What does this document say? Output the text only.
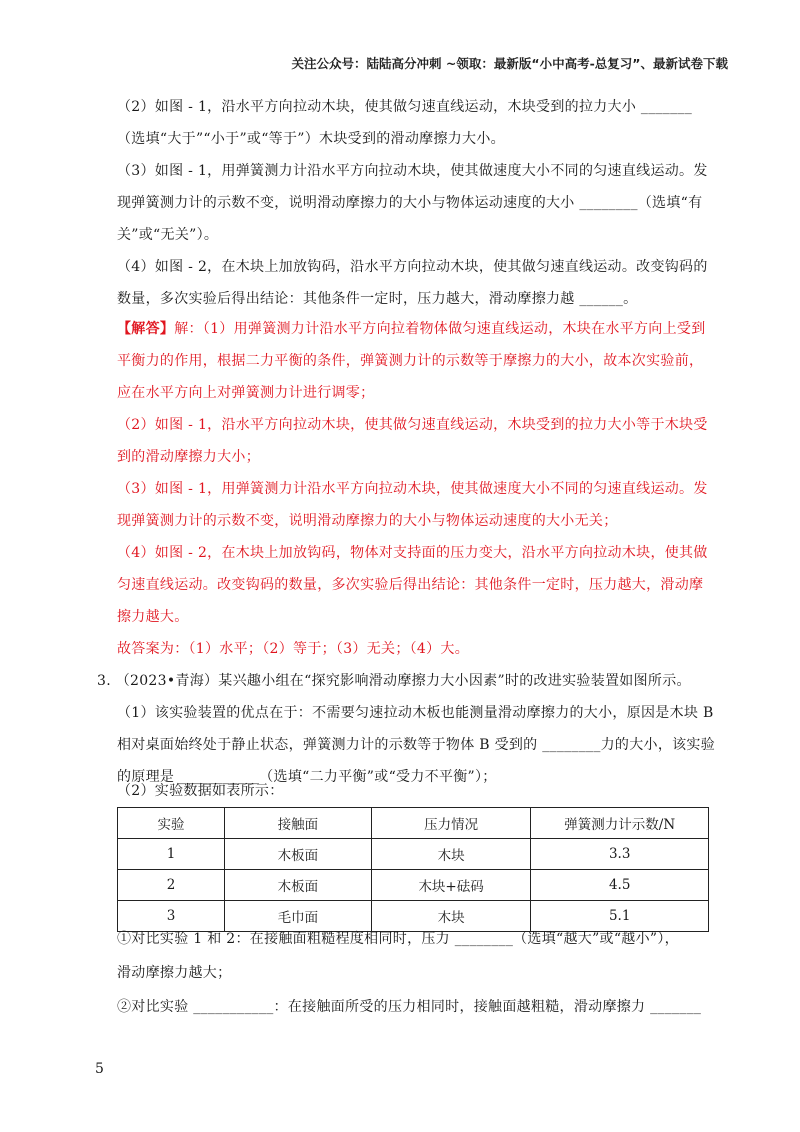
关注公众号：陆陆高分冲刺 ~领取：最新版“小中高考-总复习”、最新试卷下载
（2）如图 - 1，沿水平方向拉动木块，使其做匀速直线运动，木块受到的拉力大小 _______
（选填“大于”“小于”或“等于”）木块受到的滑动摩擦力大小。
（3）如图 - 1，用弹簧测力计沿水平方向拉动木块，使其做速度大小不同的匀速直线运动。发
现弹簧测力计的示数不变，说明滑动摩擦力的大小与物体运动速度的大小 ________（选填“有
关”或“无关”）。
（4）如图 - 2，在木块上加放钩码，沿水平方向拉动木块，使其做匀速直线运动。改变钩码的
数量，多次实验后得出结论：其他条件一定时，压力越大，滑动摩擦力越 ______。
【解答】解：（1）用弹簧测力计沿水平方向拉着物体做匀速直线运动，木块在水平方向上受到
平衡力的作用，根据二力平衡的条件，弹簧测力计的示数等于摩擦力的大小，故本次实验前，
应在水平方向上对弹簧测力计进行调零；
（2）如图 - 1，沿水平方向拉动木块，使其做匀速直线运动，木块受到的拉力大小等于木块受
到的滑动摩擦力大小；
（3）如图 - 1，用弹簧测力计沿水平方向拉动木块，使其做速度大小不同的匀速直线运动。发
现弹簧测力计的示数不变，说明滑动摩擦力的大小与物体运动速度的大小无关；
（4）如图 - 2，在木块上加放钩码，物体对支持面的压力变大，沿水平方向拉动木块，使其做
匀速直线运动。改变钩码的数量，多次实验后得出结论：其他条件一定时，压力越大，滑动摩
擦力越大。
故答案为：（1）水平；（2）等于；（3）无关；（4）大。
3. （2023•青海）某兴趣小组在“探究影响滑动摩擦力大小因素”时的改进实验装置如图所示。
（1）该实验装置的优点在于：不需要匀速拉动木板也能测量滑动摩擦力的大小，原因是木块 B
相对桌面始终处于静止状态，弹簧测力计的示数等于物体 B 受到的 ________力的大小，该实验
的原理是 ___________（选填“二力平衡”或“受力不平衡”）；
（2）实验数据如表所示：
实验	接触面	压力情况	弹簧测力计示数/N
1	木板面	木块	3.3
2	木板面	木块+砝码	4.5
3	毛巾面	木块	5.1
①对比实验 1 和 2：在接触面粗糙程度相同时，压力 ________（选填“越大”或“越小”），
滑动摩擦力越大；
②对比实验 ___________：在接触面所受的压力相同时，接触面越粗糙，滑动摩擦力 _______
5
